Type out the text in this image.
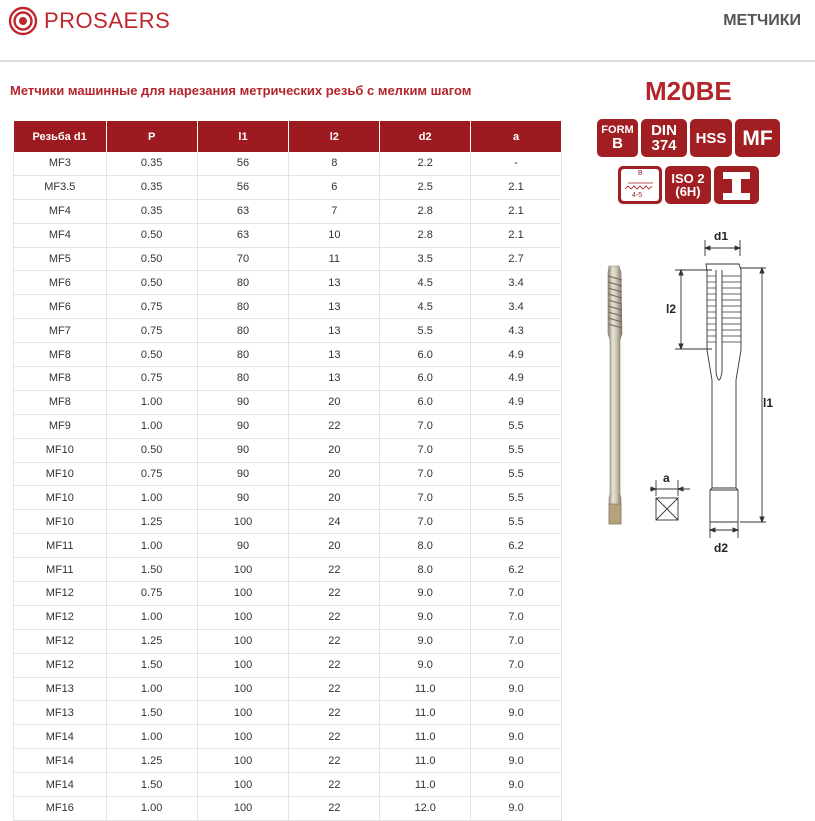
PROSAERS	МЕТЧИКИ
Метчики машинные для нарезания метрических резьб с мелким шагом	M20BE
Резьба d1	P	l1	l2	d2	a
MF3	0.35	56	8	2.2	-
MF3.5	0.35	56	6	2.5	2.1
MF4	0.35	63	7	2.8	2.1
MF4	0.50	63	10	2.8	2.1
MF5	0.50	70	11	3.5	2.7
MF6	0.50	80	13	4.5	3.4
MF6	0.75	80	13	4.5	3.4
MF7	0.75	80	13	5.5	4.3
MF8	0.50	80	13	6.0	4.9
MF8	0.75	80	13	6.0	4.9
MF8	1.00	90	20	6.0	4.9
MF9	1.00	90	22	7.0	5.5
MF10	0.50	90	20	7.0	5.5
MF10	0.75	90	20	7.0	5.5
MF10	1.00	90	20	7.0	5.5
MF10	1.25	100	24	7.0	5.5
MF11	1.00	90	20	8.0	6.2
MF11	1.50	100	22	8.0	6.2
MF12	0.75	100	22	9.0	7.0
MF12	1.00	100	22	9.0	7.0
MF12	1.25	100	22	9.0	7.0
MF12	1.50	100	22	9.0	7.0
MF13	1.00	100	22	11.0	9.0
MF13	1.50	100	22	11.0	9.0
MF14	1.00	100	22	11.0	9.0
MF14	1.25	100	22	11.0	9.0
MF14	1.50	100	22	11.0	9.0
MF16	1.00	100	22	12.0	9.0
FORM
B
DIN
374 HSS MF
B
4-5
ISO 2
(6H)
d1
l2
l1
a
d2
